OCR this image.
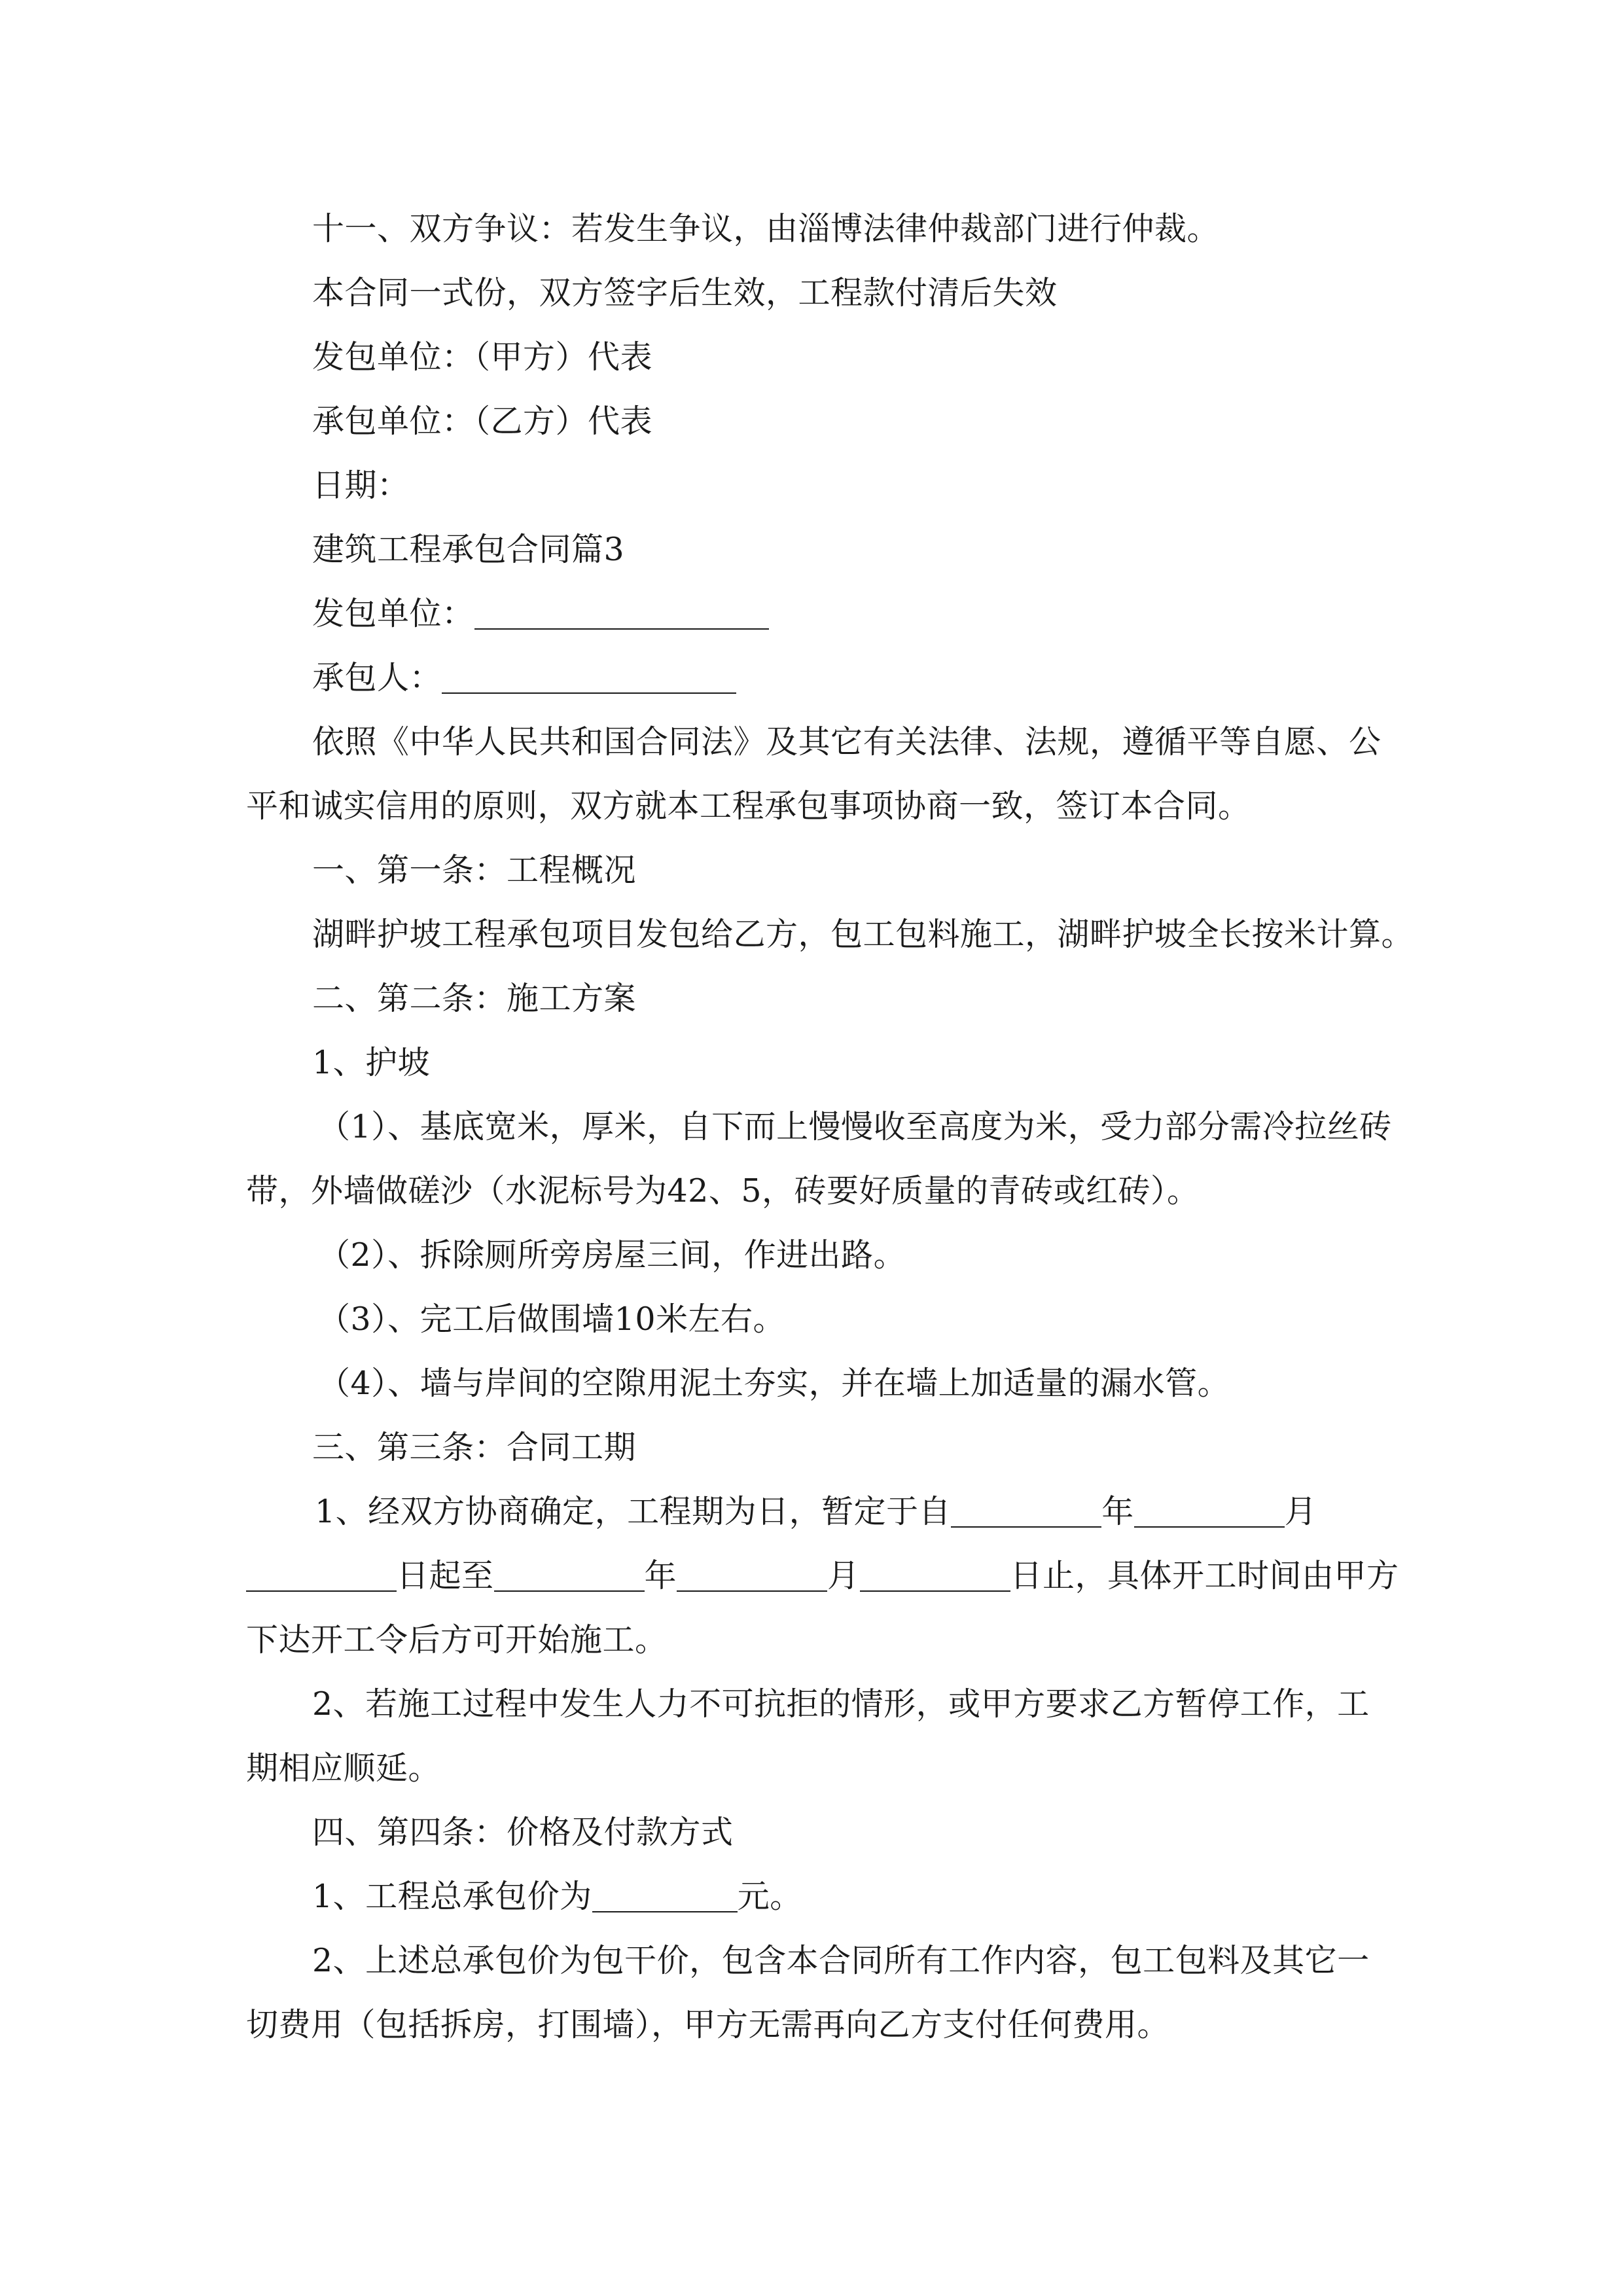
十一、双方争议：若发生争议，由淄博法律仲裁部门进行仲裁。
本合同一式份，双方签字后生效，工程款付清后失效
发包单位：（甲方）代表
承包单位：（乙方）代表
日期：
建筑工程承包合同篇3
发包单位：
承包人：
依照《中华人民共和国合同法》及其它有关法律、法规，遵循平等自愿、公
平和诚实信用的原则，双方就本工程承包事项协商一致，签订本合同。
一、第一条：工程概况
湖畔护坡工程承包项目发包给乙方，包工包料施工，湖畔护坡全长按米计算。
二、第二条：施工方案
1、护坡
（1）、基底宽米，厚米，自下而上慢慢收至高度为米，受力部分需冷拉丝砖
带，外墙做磋沙（水泥标号为42、5，砖要好质量的青砖或红砖）。
（2）、拆除厕所旁房屋三间，作进出路。
（3）、完工后做围墙10米左右。
（4）、墙与岸间的空隙用泥土夯实，并在墙上加适量的漏水管。
三、第三条：合同工期
1、经双方协商确定，工程期为日，暂定于自	年	月
日起至	年	月	日止，具体开工时间由甲方
下达开工令后方可开始施工。
2、若施工过程中发生人力不可抗拒的情形，或甲方要求乙方暂停工作，工
期相应顺延。
四、第四条：价格及付款方式
1、工程总承包价为	元。
2、上述总承包价为包干价，包含本合同所有工作内容，包工包料及其它一
切费用（包括拆房，打围墙），甲方无需再向乙方支付任何费用。
